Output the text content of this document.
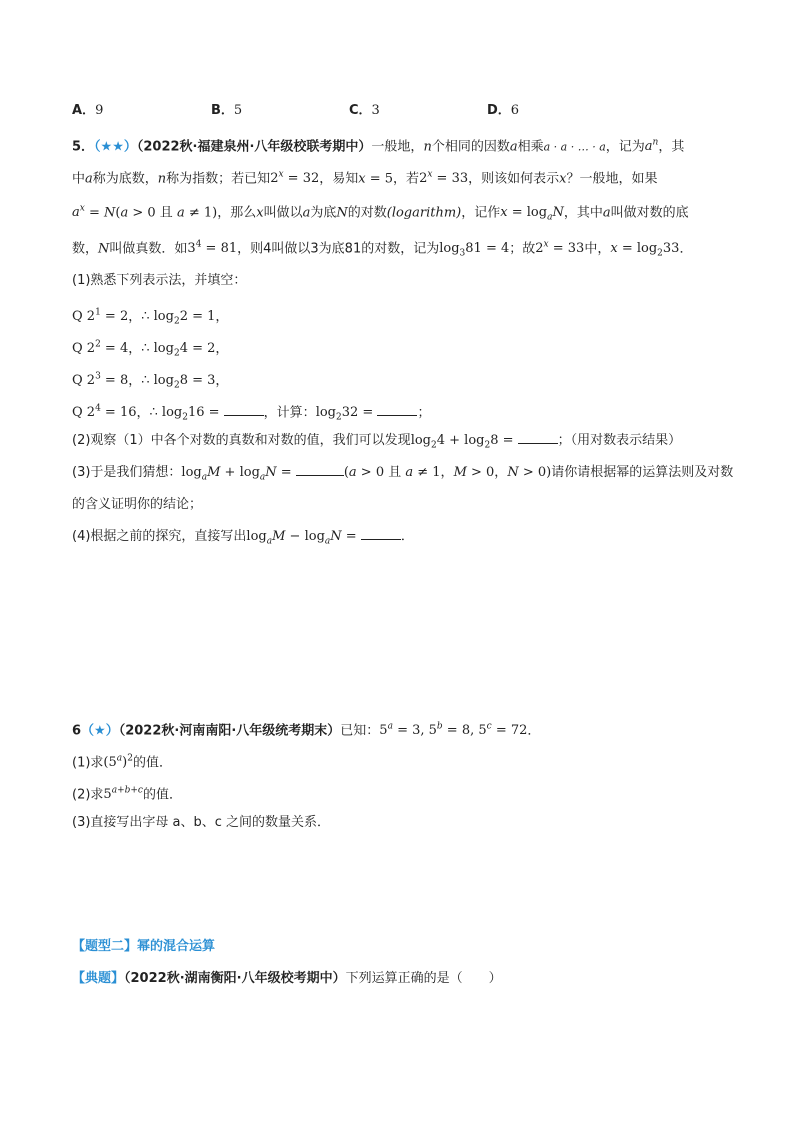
A．9	B．5	C．3	D．6
5．（★★）（2022秋·福建泉州·八年级校联考期中）一般地，n个相同的因数a相乘a · a · … · a，记为$a^n$，其
中a称为底数，n称为指数；若已知$2^x = 32$，易知x = 5，若$2^x = 33$，则该如何表示x？一般地，如果
$a^x = N(a > 0$ 且 a ≠ 1)，那么x叫做以a为底N的对数(logarithm)，记作$x = \log_aN$，其中a叫做对数的底
数，N叫做真数．如$3^4 = 81$，则4叫做以3为底81的对数，记为$\log_381 = 4$；故$2^x = 33$中，$x = \log_233$．
(1)熟悉下列表示法，并填空：
Q $2^1 = 2$，∴ $\log_22 = 1$，
Q $2^2 = 4$，∴ $\log_24 = 2$，
Q $2^3 = 8$，∴ $\log_28 = 3$，
Q $2^4 = 16$，∴ $\log_216$ =	，计算：$\log_232$ =	；
(2)观察（1）中各个对数的真数和对数的值，我们可以发现$\log_24 + \log_28$ =	；（用对数表示结果）
(3)于是我们猜想：$\log_aM + \log_aN$ =	(a > 0 且 a ≠ 1，M > 0，N > 0)请你请根据幂的运算法则及对数
的含义证明你的结论；
(4)根据之前的探究，直接写出$\log_aM - \log_aN$ =	．
6（★）（2022秋·河南南阳·八年级统考期末）已知：$5^a = 3$, $5^b = 8$, $5^c = 72$．
(1)求$(5^a)^2$的值．
(2)求$5^{a+b+c}$的值．
(3)直接写出字母 a、b、c 之间的数量关系．
【题型二】幂的混合运算
【典题】（2022秋·湖南衡阳·八年级校考期中）下列运算正确的是（　　）
